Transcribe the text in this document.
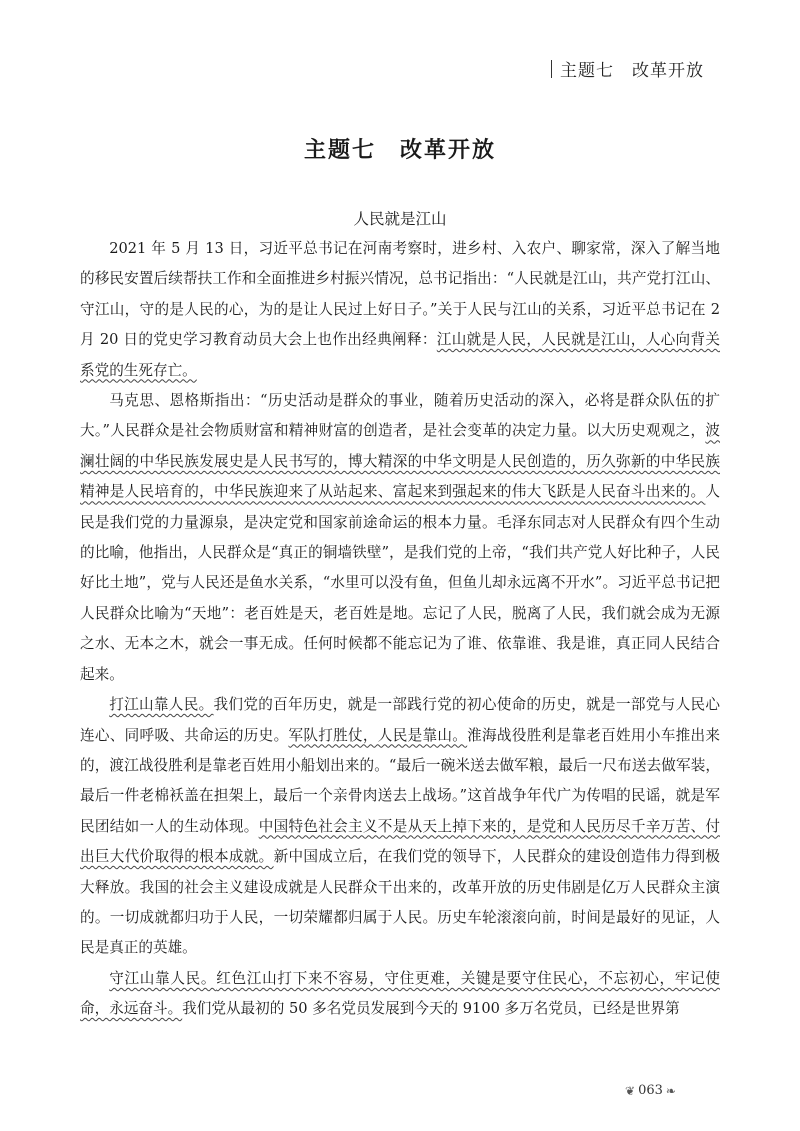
主题七　改革开放
主题七　改革开放
人民就是江山

2021 年 5 月 13 日，习近平总书记在河南考察时，进乡村、入农户、聊家常，深入了解当地的移民安置后续帮扶工作和全面推进乡村振兴情况，总书记指出：“人民就是江山，共产党打江山、守江山，守的是人民的心，为的是让人民过上好日子。”关于人民与江山的关系，习近平总书记在 2 月 20 日的党史学习教育动员大会上也作出经典阐释：江山就是人民，人民就是江山，人心向背关系党的生死存亡。

马克思、恩格斯指出：“历史活动是群众的事业，随着历史活动的深入，必将是群众队伍的扩大。”人民群众是社会物质财富和精神财富的创造者，是社会变革的决定力量。以大历史观观之，波澜壮阔的中华民族发展史是人民书写的，博大精深的中华文明是人民创造的，历久弥新的中华民族精神是人民培育的，中华民族迎来了从站起来、富起来到强起来的伟大飞跃是人民奋斗出来的。人民是我们党的力量源泉，是决定党和国家前途命运的根本力量。毛泽东同志对人民群众有四个生动的比喻，他指出，人民群众是“真正的铜墙铁壁”，是我们党的上帝，“我们共产党人好比种子，人民好比土地”，党与人民还是鱼水关系，“水里可以没有鱼，但鱼儿却永远离不开水”。习近平总书记把人民群众比喻为“天地”：老百姓是天，老百姓是地。忘记了人民，脱离了人民，我们就会成为无源之水、无本之木，就会一事无成。任何时候都不能忘记为了谁、依靠谁、我是谁，真正同人民结合起来。

打江山靠人民。我们党的百年历史，就是一部践行党的初心使命的历史，就是一部党与人民心连心、同呼吸、共命运的历史。军队打胜仗，人民是靠山。淮海战役胜利是靠老百姓用小车推出来的，渡江战役胜利是靠老百姓用小船划出来的。“最后一碗米送去做军粮，最后一尺布送去做军装，最后一件老棉袄盖在担架上，最后一个亲骨肉送去上战场。”这首战争年代广为传唱的民谣，就是军民团结如一人的生动体现。中国特色社会主义不是从天上掉下来的，是党和人民历尽千辛万苦、付出巨大代价取得的根本成就。新中国成立后，在我们党的领导下，人民群众的建设创造伟力得到极大释放。我国的社会主义建设成就是人民群众干出来的，改革开放的历史伟剧是亿万人民群众主演的。一切成就都归功于人民，一切荣耀都归属于人民。历史车轮滚滚向前，时间是最好的见证，人民是真正的英雄。

守江山靠人民。红色江山打下来不容易，守住更难，关键是要守住民心，不忘初心，牢记使命，永远奋斗。我们党从最初的 50 多名党员发展到今天的 9100 多万名党员，已经是世界第

❦ 063 ❧
